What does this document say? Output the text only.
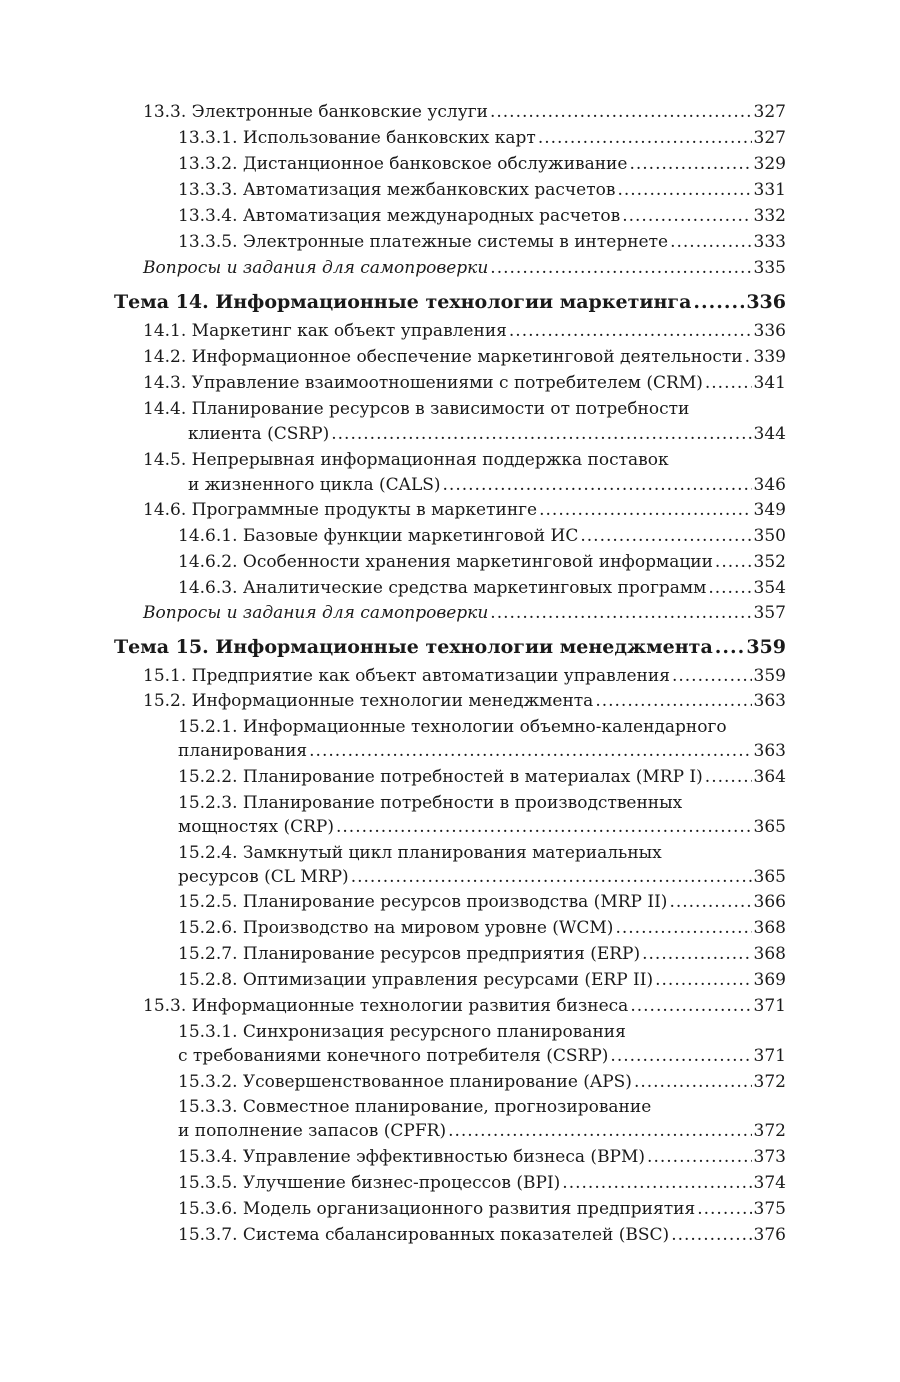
13.3. Электронные банковские услуги .....	327
13.3.1. Использование банковских карт .....	327
13.3.2. Дистанционное банковское обслуживание .....	329
13.3.3. Автоматизация межбанковских расчетов .....	331
13.3.4. Автоматизация международных расчетов .....	332
13.3.5. Электронные платежные системы в интернете .....	333
Вопросы и задания для самопроверки .....	335
Тема 14. Информационные технологии маркетинга .....	336
14.1. Маркетинг как объект управления .....	336
14.2. Информационное обеспечение маркетинговой деятельности ..... 339
14.3. Управление взаимоотношениями с потребителем (CRM) .....	341
14.4. Планирование ресурсов в зависимости от потребности
клиента (CSRP) .....	344
14.5. Непрерывная информационная поддержка поставок
и жизненного цикла (CALS) .....	346
14.6. Программные продукты в маркетинге .....	349
14.6.1. Базовые функции маркетинговой ИС .....	350
14.6.2. Особенности хранения маркетинговой информации ..... 352
14.6.3. Аналитические средства маркетинговых программ .....	354
Вопросы и задания для самопроверки .....	357
Тема 15. Информационные технологии менеджмента ..... 359
15.1. Предприятие как объект автоматизации управления .....	359
15.2. Информационные технологии менеджмента .....	363
15.2.1. Информационные технологии объемно-календарного
планирования .....	363
15.2.2. Планирование потребностей в материалах (MRP I) .....	364
15.2.3. Планирование потребности в производственных
мощностях (CRP) .....	365
15.2.4. Замкнутый цикл планирования материальных
ресурсов (CL MRP) .....	365
15.2.5. Планирование ресурсов производства (MRP II) .....	366
15.2.6. Производство на мировом уровне (WCM) .....	368
15.2.7. Планирование ресурсов предприятия (ERP) .....	368
15.2.8. Оптимизации управления ресурсами (ERP II) .....	369
15.3. Информационные технологии развития бизнеса .....	371
15.3.1. Синхронизация ресурсного планирования
с требованиями конечного потребителя (CSRP) .....	371
15.3.2. Усовершенствованное планирование (APS) .....	372
15.3.3. Совместное планирование, прогнозирование
и пополнение запасов (CPFR) .....	372
15.3.4. Управление эффективностью бизнеса (BPM) .....	373
15.3.5. Улучшение бизнес-процессов (BPI) .....	374
15.3.6. Модель организационного развития предприятия .....	375
15.3.7. Система сбалансированных показателей (BSC) .....	376
